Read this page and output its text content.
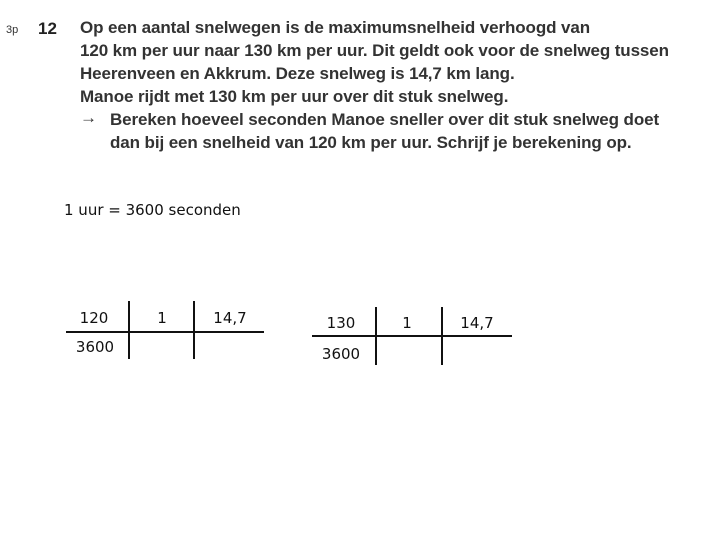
3p 12 Op een aantal snelwegen is de maximumsnelheid verhoogd van
120 km per uur naar 130 km per uur. Dit geldt ook voor de snelweg tussen
Heerenveen en Akkrum. Deze snelweg is 14,7 km lang.
Manoe rijdt met 130 km per uur over dit stuk snelweg.
→ Bereken hoeveel seconden Manoe sneller over dit stuk snelweg doet
dan bij een snelheid van 120 km per uur. Schrijf je berekening op.
1 uur = 3600 seconden
120	1	14,7
3600
130	1	14,7
3600
